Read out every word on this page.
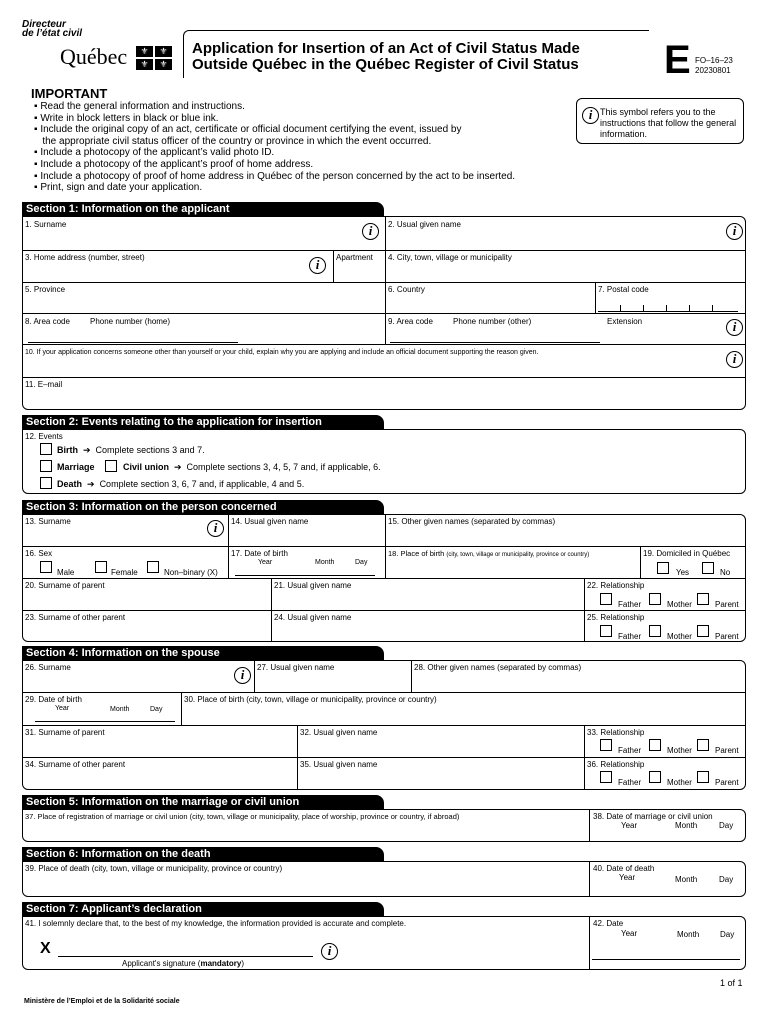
Directeur
de l’état civil
Québec	⚜	⚜
⚜	⚜
Application for Insertion of an Act of Civil Status Made
Outside Québec in the Québec Register of Civil Status E FO–16–23
20230801
IMPORTANT
▪ Read the general information and instructions.
▪ Write in block letters in black or blue ink.
▪ Include the original copy of an act, certificate or official document certifying the event, issued by
the appropriate civil status officer of the country or province in which the event occurred.
▪ Include a photocopy of the applicant’s valid photo ID.
▪ Include a photocopy of the applicant’s proof of home address.
▪ Include a photocopy of proof of home address in Québec of the person concerned by the act to be inserted.
▪ Print, sign and date your application.
i This symbol refers you to the instructions that follow the general information.
Section 1: Information on the applicant
1. Surname	i	2. Usual given name	i
3. Home address (number, street)	i	Apartment 4. City, town, village or municipality
5. Province	6. Country	7. Postal code
8. Area code	Phone number (home)	9. Area code	Phone number (other)	Extension	i
10. If your application concerns someone other than yourself or your child, explain why you are applying and include an official document supporting the reason given.	i
11. E–mail
Section 2: Events relating to the application for insertion
12. Events
Birth  ➔  Complete sections 3 and 7.
Marriage	Civil union  ➔  Complete sections 3, 4, 5, 7 and, if applicable, 6.
Death  ➔  Complete section 3, 6, 7 and, if applicable, 4 and 5.
Section 3: Information on the person concerned
13. Surname	i	14. Usual given name	15. Other given names (separated by commas)
16. Sex
Male	Female	Non–binary (X)
17. Date of birth
Year	Month	Day
18. Place of birth (city, town, village or municipality, province or country)	19. Domiciled in Québec
Yes	No
20. Surname of parent	21. Usual given name	22. Relationship
Father	Mother	Parent
23. Surname of other parent	24. Usual given name	25. Relationship
Father	Mother	Parent
Section 4: Information on the spouse
26. Surname	i	27. Usual given name	28. Other given names (separated by commas)
29. Date of birth
Year	Month	Day
30. Place of birth (city, town, village or municipality, province or country)
31. Surname of parent	32. Usual given name	33. Relationship
Father	Mother	Parent
34. Surname of other parent	35. Usual given name	36. Relationship
Father	Mother	Parent
Section 5: Information on the marriage or civil union
37. Place of registration of marriage or civil union (city, town, village or municipality, place of worship, province or country, if abroad)	38. Date of marriage or civil union
Year	Month	Day
Section 6: Information on the death
39. Place of death (city, town, village or municipality, province or country)	40. Date of death
Year	Month	Day
Section 7: Applicant’s declaration
41. I solemnly declare that, to the best of my knowledge, the information provided is accurate and complete.
X	i
Applicant's signature (mandatory)
42. Date
Year	Month	Day
1 of 1
Ministère de l’Emploi et de la Solidarité sociale
